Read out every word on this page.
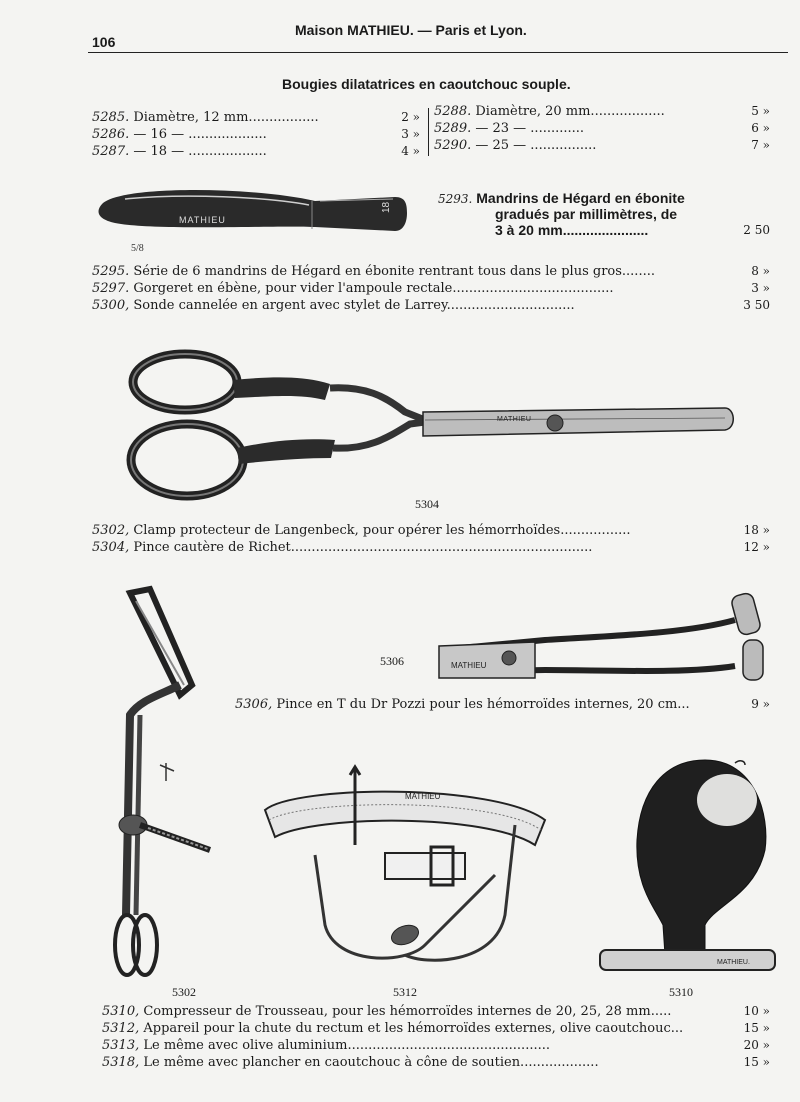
106
Maison MATHIEU. — Paris et Lyon.
Bougies dilatatrices en caoutchouc souple.
5285. Diamètre, 12 mm.................	2 »
5286. — 16 — ...................	3 »
5287. — 18 — ...................	4 »
5288. Diamètre, 20 mm..................	5 »
5289. — 23 — .............	6 »
5290. — 25 — ................	7 »
MATHIEU
18
5/8
5293. Mandrins de Hégard en ébonite
gradués par millimètres, de
3 à 20 mm......................	2 50
5295. Série de 6 mandrins de Hégard en ébonite rentrant tous dans le plus gros........	8 »
5297. Gorgeret en ébène, pour vider l'ampoule rectale.......................................	3 »
5300, Sonde cannelée en argent avec stylet de Larrey...............................	3 50
MATHIEU
5304
5302, Clamp protecteur de Langenbeck, pour opérer les hémorrhoïdes.................	18 »
5304, Pince cautère de Richet.........................................................................	12 »
5302
MATHIEU
5306
5306, Pince en T du Dr Pozzi pour les hémorroïdes internes, 20 cm...	9 »
MATHIEU
5312
MATHIEU.
5310
5310, Compresseur de Trousseau, pour les hémorroïdes internes de 20, 25, 28 mm.....	10 »
5312, Appareil pour la chute du rectum et les hémorroïdes externes, olive caoutchouc...	15 »
5313, Le même avec olive aluminium.................................................	20 »
5318, Le même avec plancher en caoutchouc à cône de soutien...................	15 »
